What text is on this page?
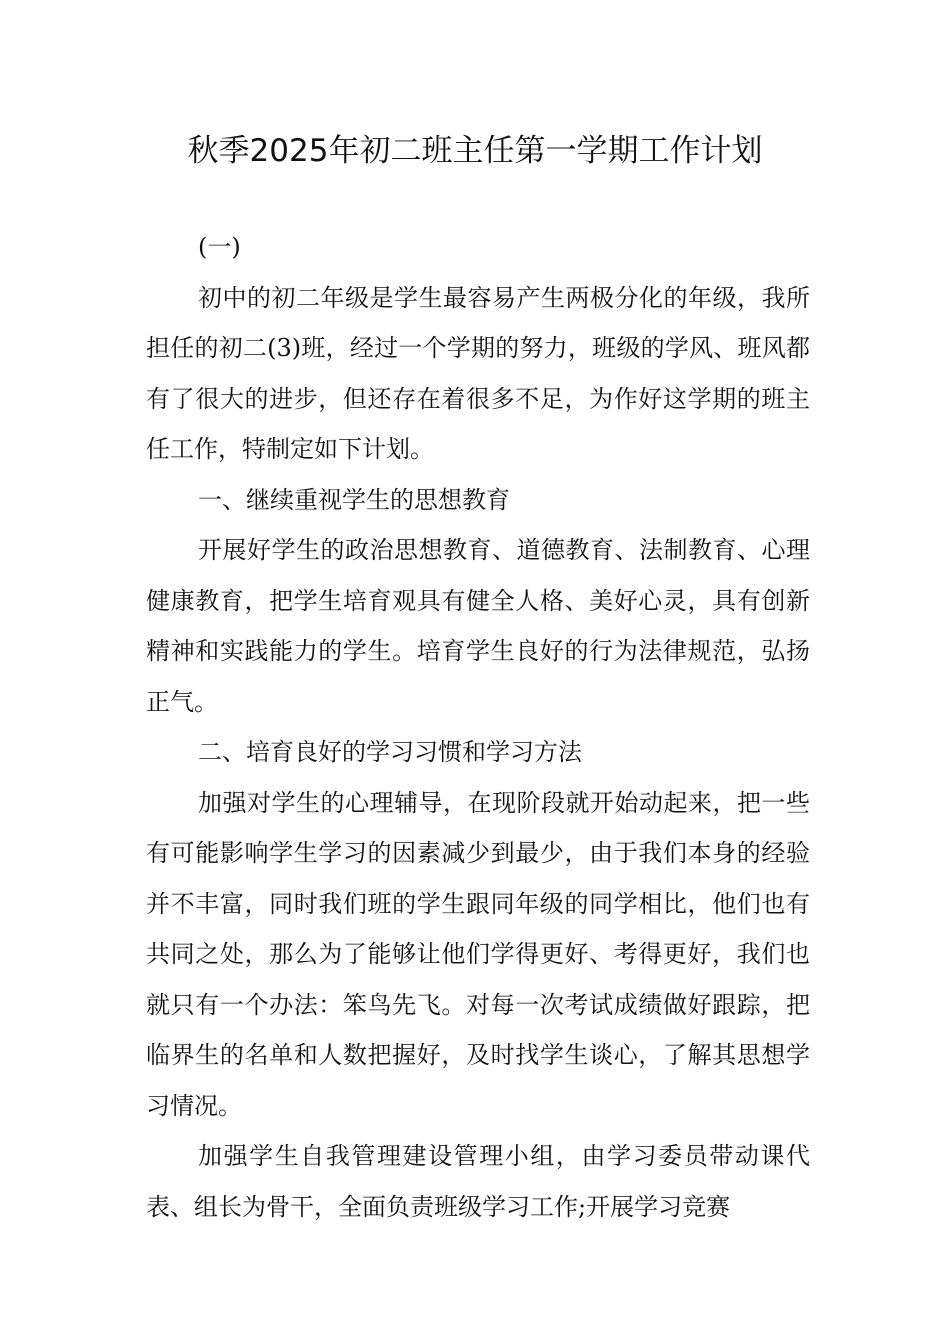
秋季2025年初二班主任第一学期工作计划

(一)

初中的初二年级是学生最容易产生两极分化的年级，我所担任的初二(3)班，经过一个学期的努力，班级的学风、班风都有了很大的进步，但还存在着很多不足，为作好这学期的班主任工作，特制定如下计划。

一、继续重视学生的思想教育

开展好学生的政治思想教育、道德教育、法制教育、心理健康教育，把学生培育观具有健全人格、美好心灵，具有创新精神和实践能力的学生。培育学生良好的行为法律规范，弘扬正气。

二、培育良好的学习习惯和学习方法

加强对学生的心理辅导，在现阶段就开始动起来，把一些有可能影响学生学习的因素减少到最少，由于我们本身的经验并不丰富，同时我们班的学生跟同年级的同学相比，他们也有共同之处，那么为了能够让他们学得更好、考得更好，我们也就只有一个办法：笨鸟先飞。对每一次考试成绩做好跟踪，把临界生的名单和人数把握好，及时找学生谈心，了解其思想学习情况。

加强学生自我管理建设管理小组，由学习委员带动课代表、组长为骨干，全面负责班级学习工作;开展学习竞赛
